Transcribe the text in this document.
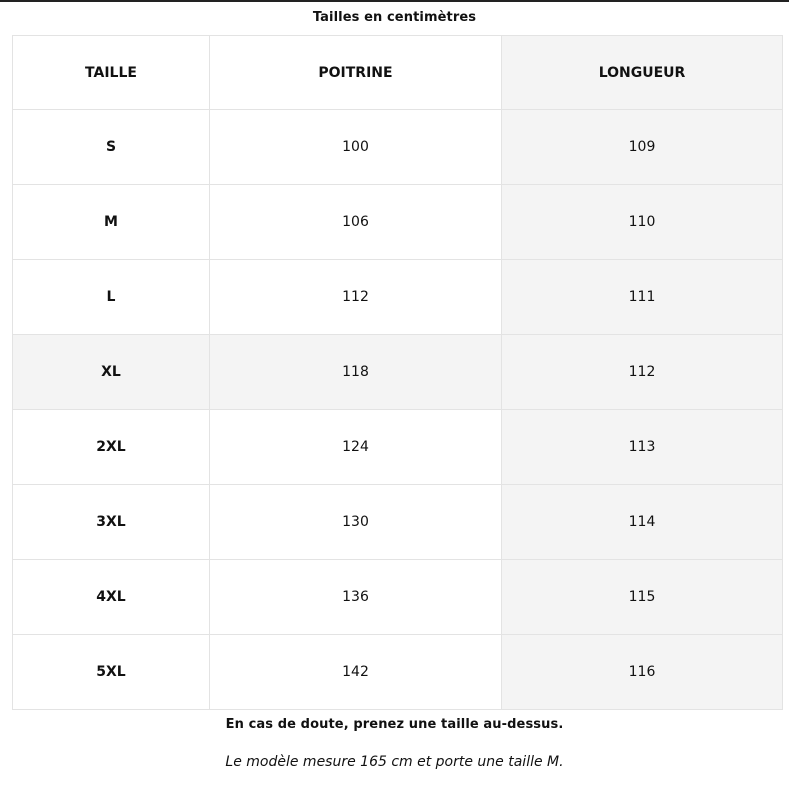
Tailles en centimètres
TAILLE	POITRINE	LONGUEUR
S	100	109
M	106	110
L	112	111
XL	118	112
2XL	124	113
3XL	130	114
4XL	136	115
5XL	142	116
En cas de doute, prenez une taille au-dessus.
Le modèle mesure 165 cm et porte une taille M.
